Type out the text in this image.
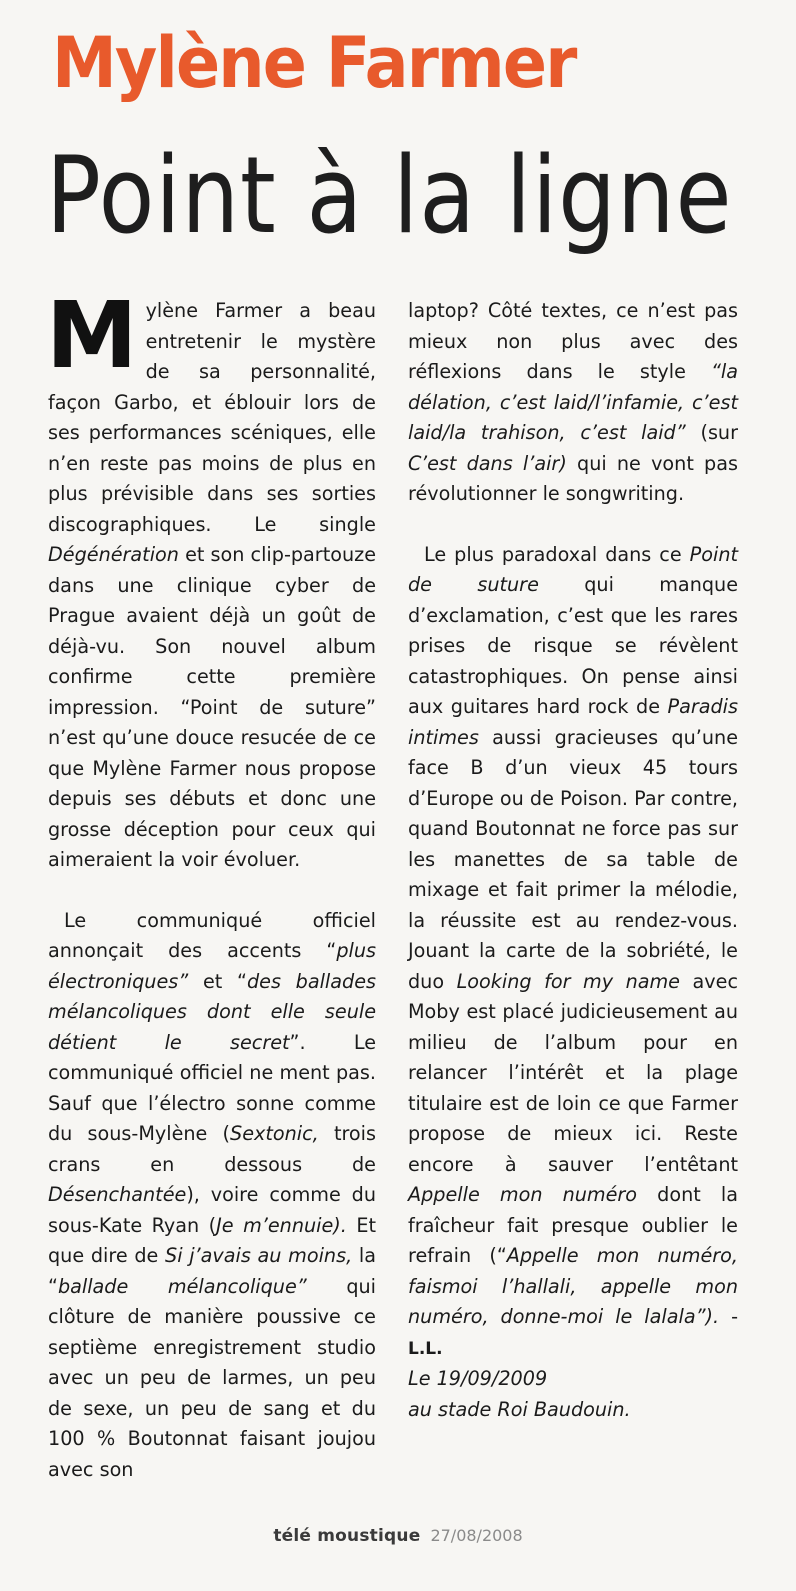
Mylène Farmer
Point à la ligne

Mylène Farmer a beau entretenir le mystère de sa personnalité, façon Garbo, et éblouir lors de ses performances scéniques, elle n’en reste pas moins de plus en plus prévisible dans ses sorties discographiques. Le single Dégénération et son clip-partouze dans une clinique cyber de Prague avaient déjà un goût de déjà-vu. Son nouvel album confirme cette première impression. “Point de suture” n’est qu’une douce resucée de ce que Mylène Farmer nous propose depuis ses débuts et donc une grosse déception pour ceux qui aimeraient la voir évoluer.

Le communiqué officiel annonçait des accents “plus électroniques” et “des ballades mélancoliques dont elle seule détient le secret”. Le communiqué officiel ne ment pas. Sauf que l’électro sonne comme du sous-Mylène (Sextonic, trois crans en dessous de Désenchantée), voire comme du sous-Kate Ryan (Je m’ennuie). Et que dire de Si j’avais au moins, la “ballade mélancolique” qui clôture de manière poussive ce septième enregistrement studio avec un peu de larmes, un peu de sexe, un peu de sang et du 100 % Boutonnat faisant joujou avec son

laptop? Côté textes, ce n’est pas mieux non plus avec des réflexions dans le style “la délation, c’est laid/l’infamie, c’est laid/la trahison, c’est laid” (sur C’est dans l’air) qui ne vont pas révolutionner le songwriting.

Le plus paradoxal dans ce Point de suture qui manque d’exclamation, c’est que les rares prises de risque se révèlent catastrophiques. On pense ainsi aux guitares hard rock de Paradis intimes aussi gracieuses qu’une face B d’un vieux 45 tours d’Europe ou de Poison. Par contre, quand Boutonnat ne force pas sur les manettes de sa table de mixage et fait primer la mélodie, la réussite est au rendez-vous. Jouant la carte de la sobriété, le duo Looking for my name avec Moby est placé judicieusement au milieu de l’album pour en relancer l’intérêt et la plage titulaire est de loin ce que Farmer propose de mieux ici. Reste encore à sauver l’entêtant Appelle mon numéro dont la fraîcheur fait presque oublier le refrain (“Appelle mon numéro, faismoi l’hallali, appelle mon numéro, donne-moi le lalala”). - L.L.

Le 19/09/2009
au stade Roi Baudouin.

télé moustique 27/08/2008
